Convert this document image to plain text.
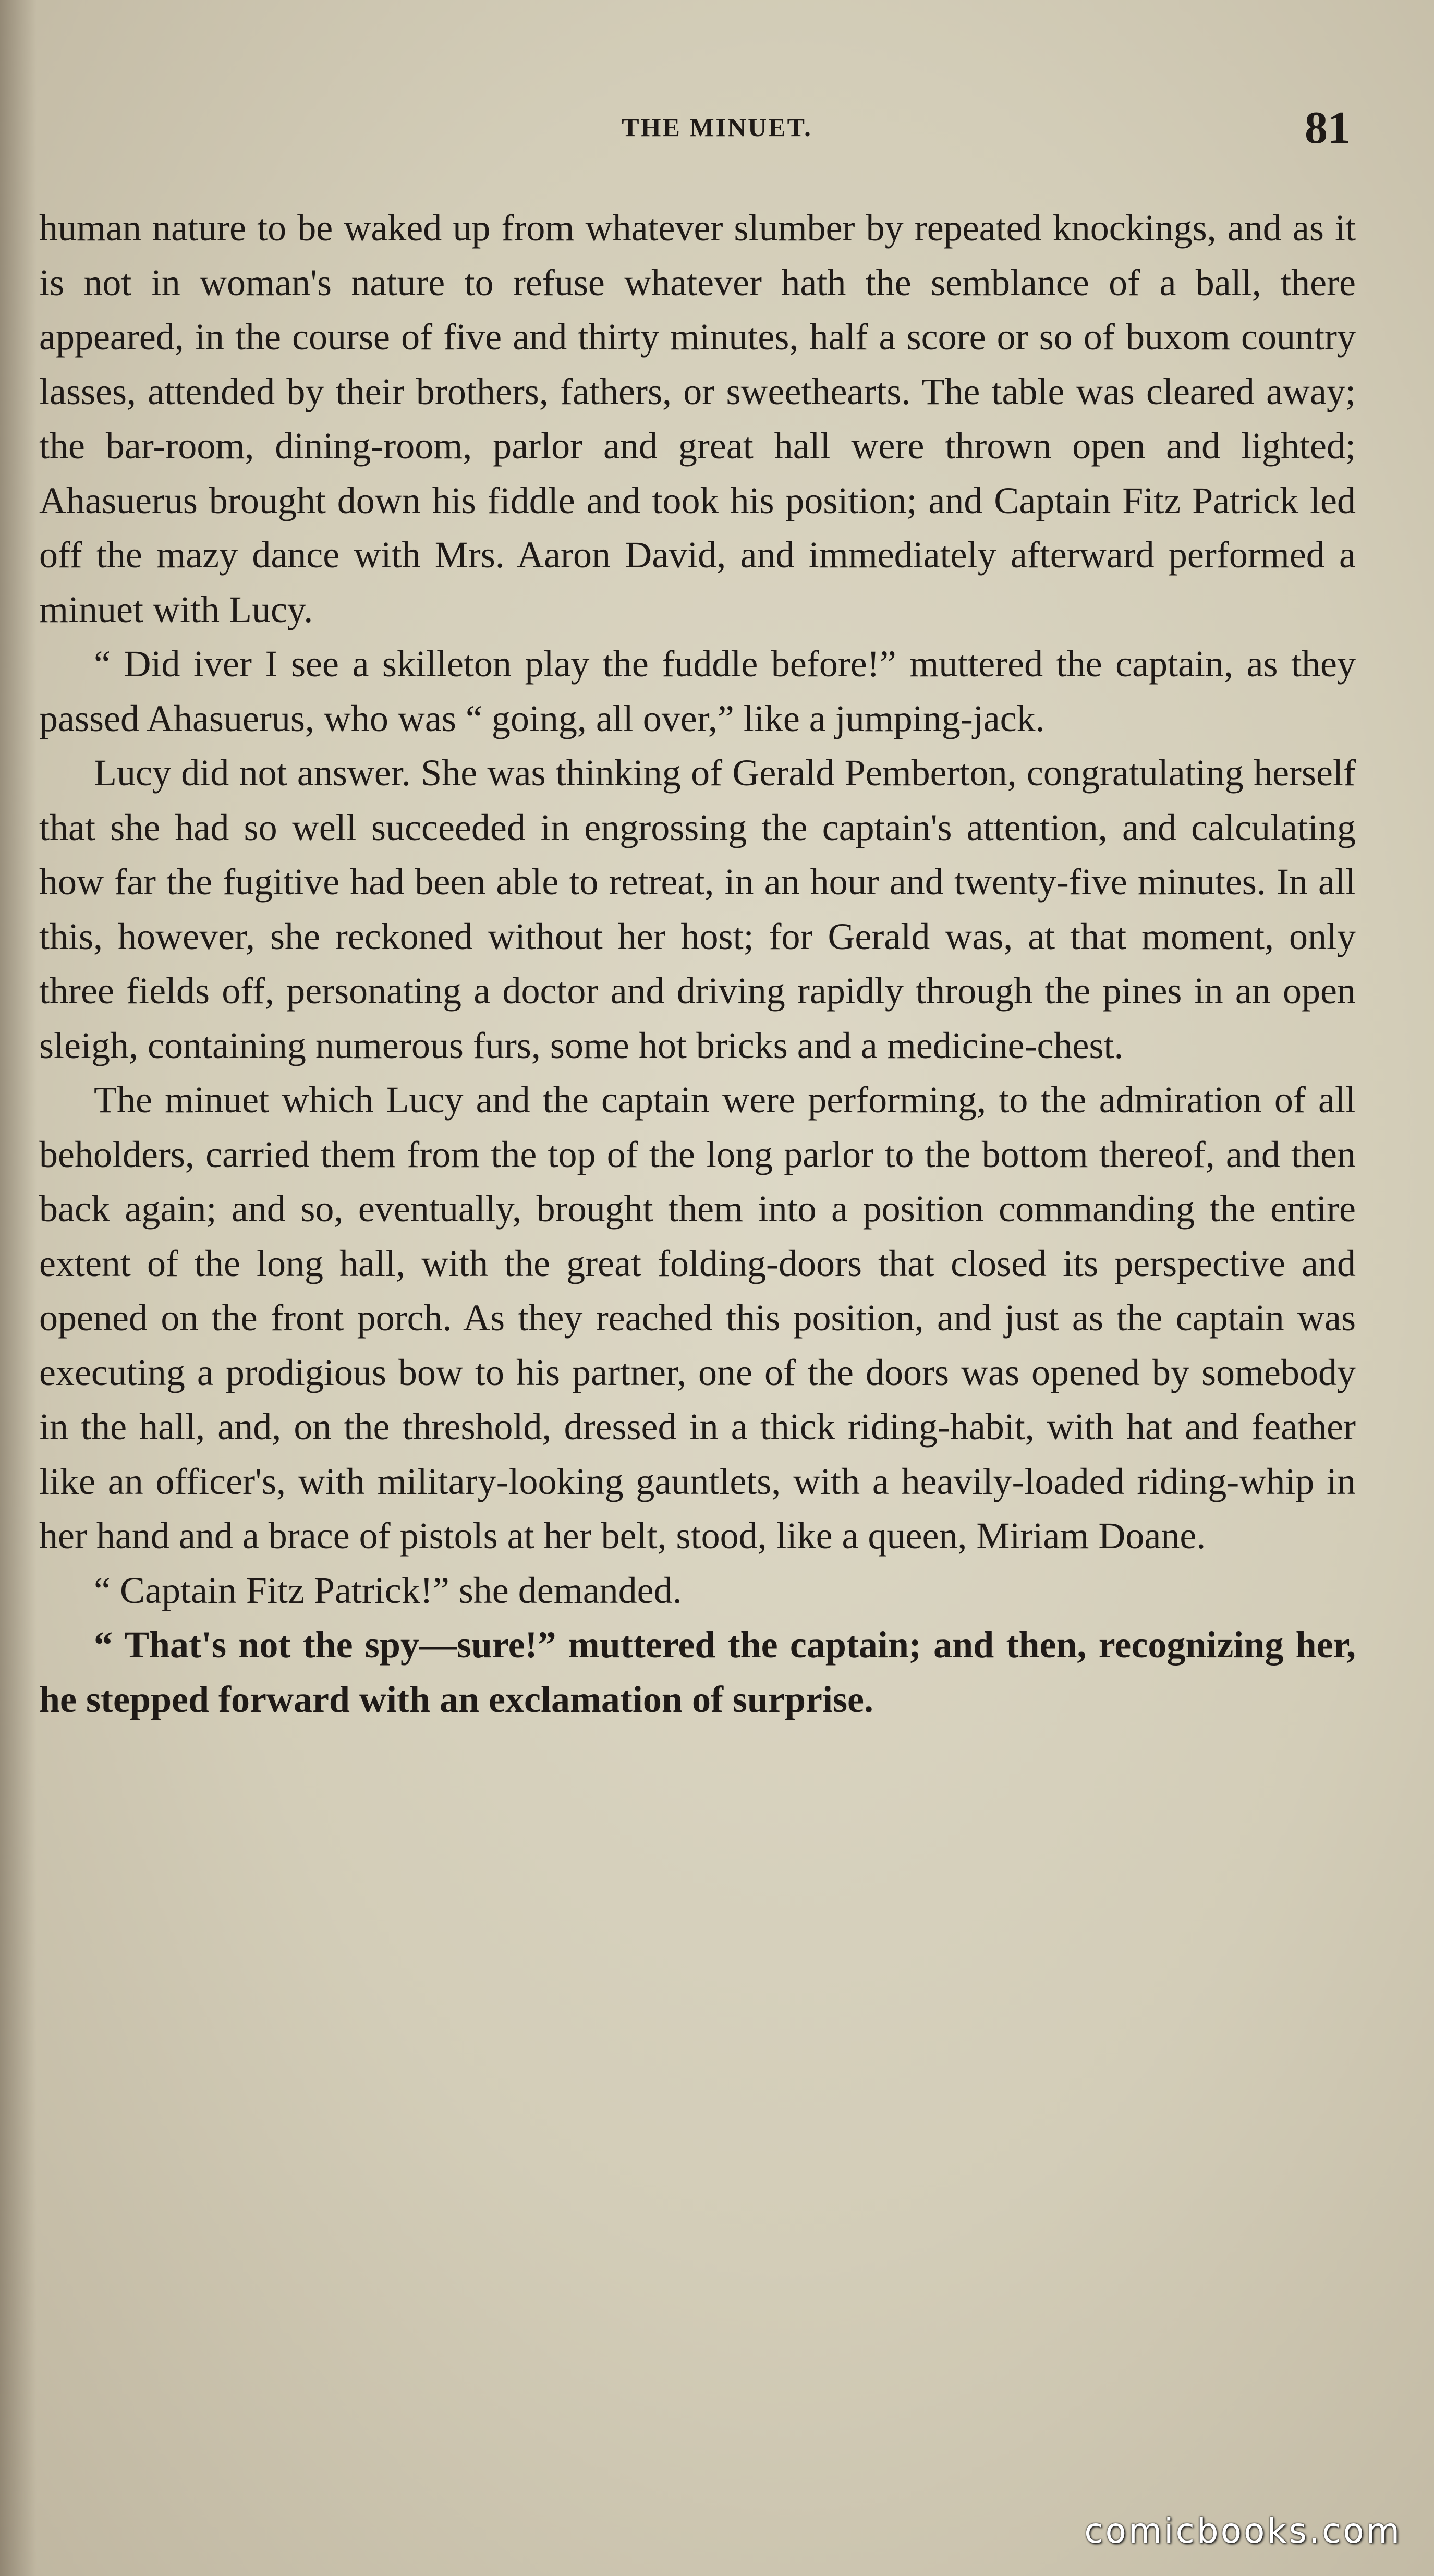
THE MINUET.	81

human nature to be waked up from whatever slumber by repeated knockings, and as it is not in woman's nature to refuse whatever hath the semblance of a ball, there appeared, in the course of five and thirty minutes, half a score or so of buxom country lasses, attended by their brothers, fathers, or sweethearts. The table was cleared away; the bar-room, dining-room, parlor and great hall were thrown open and lighted; Ahasuerus brought down his fiddle and took his position; and Captain Fitz Patrick led off the mazy dance with Mrs. Aaron David, and immediately afterward performed a minuet with Lucy.

“ Did iver I see a skilleton play the fuddle before!” muttered the captain, as they passed Ahasuerus, who was “ going, all over,” like a jumping-jack.

Lucy did not answer. She was thinking of Gerald Pemberton, congratulating herself that she had so well succeeded in engrossing the captain's attention, and calculating how far the fugitive had been able to retreat, in an hour and twenty-five minutes. In all this, however, she reckoned without her host; for Gerald was, at that moment, only three fields off, personating a doctor and driving rapidly through the pines in an open sleigh, containing numerous furs, some hot bricks and a medicine-chest.

The minuet which Lucy and the captain were performing, to the admiration of all beholders, carried them from the top of the long parlor to the bottom thereof, and then back again; and so, eventually, brought them into a position commanding the entire extent of the long hall, with the great folding-doors that closed its perspective and opened on the front porch. As they reached this position, and just as the captain was executing a prodigious bow to his partner, one of the doors was opened by somebody in the hall, and, on the threshold, dressed in a thick riding-habit, with hat and feather like an officer's, with military-looking gauntlets, with a heavily-loaded riding-whip in her hand and a brace of pistols at her belt, stood, like a queen, Miriam Doane.

“ Captain Fitz Patrick!” she demanded.

“ That's not the spy—sure!” muttered the captain; and then, recognizing her, he stepped forward with an exclamation of surprise.

comicbooks.com
